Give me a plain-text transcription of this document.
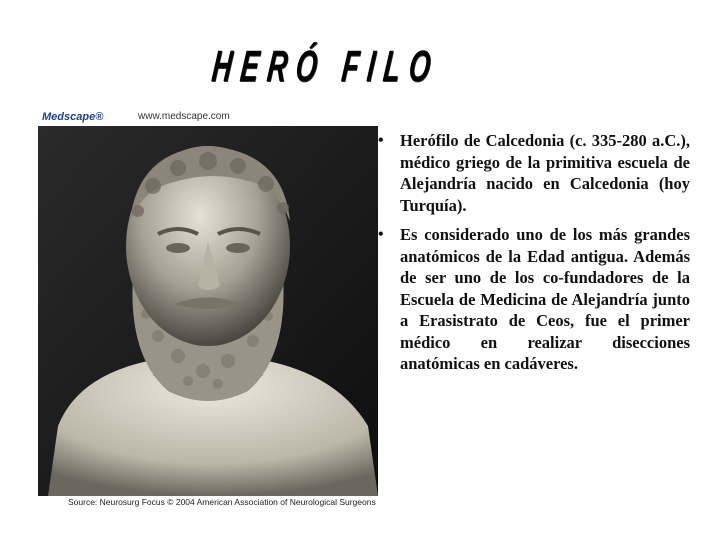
HERÓ FILO
Medscape®	www.medscape.com
Source: Neurosurg Focus © 2004 American Association of Neurological Surgeons
• Herófilo de Calcedonia (c. 335-280 a.C.), médico griego de la primitiva escuela de Alejandría nacido en Calcedonia (hoy Turquía).
• Es considerado uno de los más grandes anatómicos de la Edad antigua. Además de ser uno de los co-fundadores de la Escuela de Medicina de Alejandría junto a Erasistrato de Ceos, fue el primer médico en realizar disecciones anatómicas en cadáveres.
